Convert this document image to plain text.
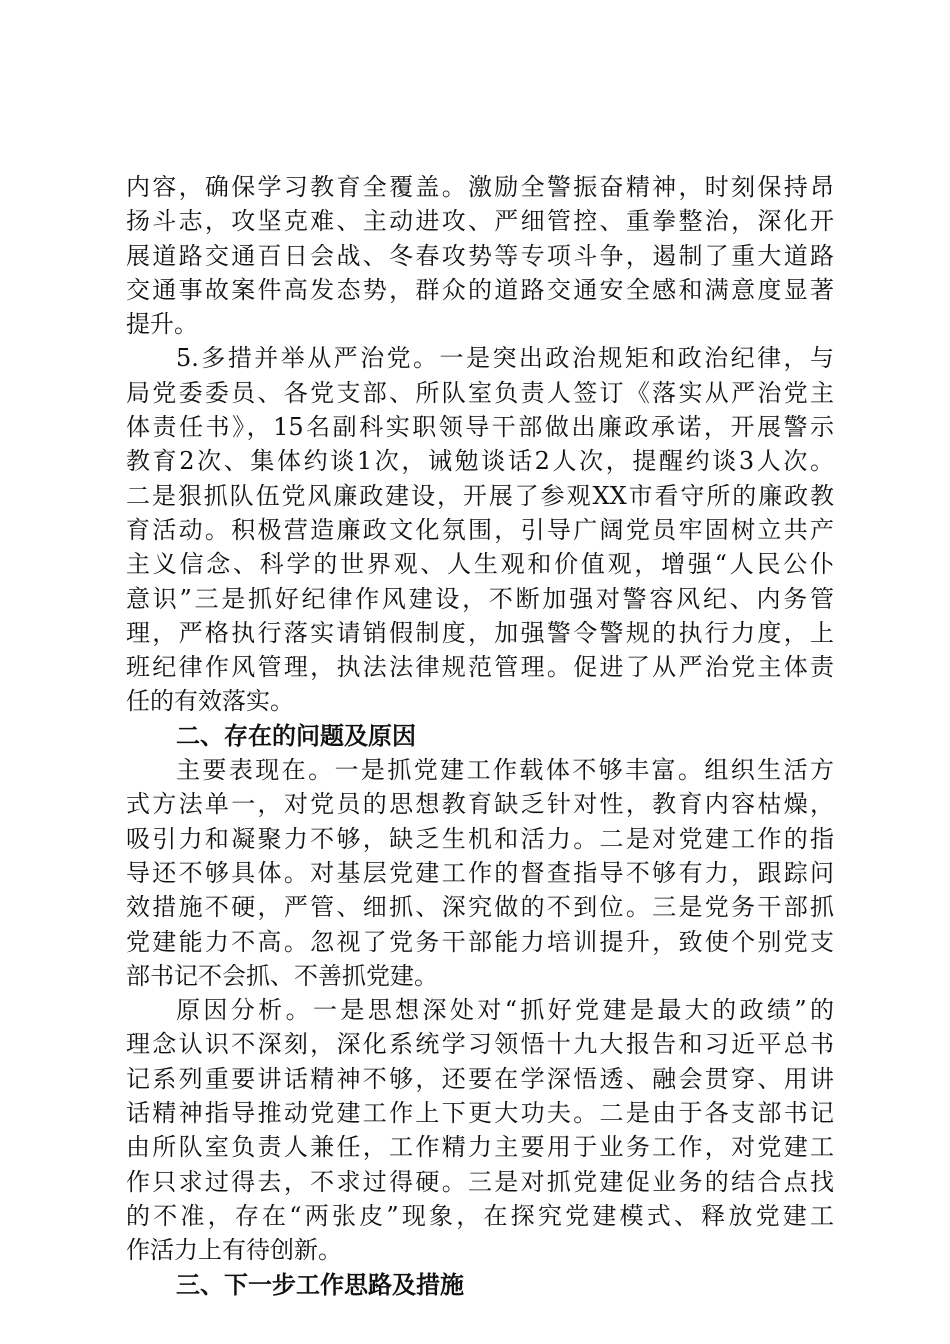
内容，确保学习教育全覆盖。激励全警振奋精神，时刻保持昂
扬斗志，攻坚克难、主动进攻、严细管控、重拳整治，深化开
展道路交通百日会战、冬春攻势等专项斗争，遏制了重大道路
交通事故案件高发态势，群众的道路交通安全感和满意度显著
提升。
5.多措并举从严治党。一是突出政治规矩和政治纪律，与
局党委委员、各党支部、所队室负责人签订《落实从严治党主
体责任书》，15名副科实职领导干部做出廉政承诺，开展警示
教育2次、集体约谈1次，诫勉谈话2人次，提醒约谈3人次。
二是狠抓队伍党风廉政建设，开展了参观XX市看守所的廉政教
育活动。积极营造廉政文化氛围，引导广阔党员牢固树立共产
主义信念、科学的世界观、人生观和价值观，增强“人民公仆
意识”三是抓好纪律作风建设，不断加强对警容风纪、内务管
理，严格执行落实请销假制度，加强警令警规的执行力度，上
班纪律作风管理，执法法律规范管理。促进了从严治党主体责
任的有效落实。
二、存在的问题及原因
主要表现在。一是抓党建工作载体不够丰富。组织生活方
式方法单一，对党员的思想教育缺乏针对性，教育内容枯燥，
吸引力和凝聚力不够，缺乏生机和活力。二是对党建工作的指
导还不够具体。对基层党建工作的督查指导不够有力，跟踪问
效措施不硬，严管、细抓、深究做的不到位。三是党务干部抓
党建能力不高。忽视了党务干部能力培训提升，致使个别党支
部书记不会抓、不善抓党建。
原因分析。一是思想深处对“抓好党建是最大的政绩”的
理念认识不深刻，深化系统学习领悟十九大报告和习近平总书
记系列重要讲话精神不够，还要在学深悟透、融会贯穿、用讲
话精神指导推动党建工作上下更大功夫。二是由于各支部书记
由所队室负责人兼任，工作精力主要用于业务工作，对党建工
作只求过得去，不求过得硬。三是对抓党建促业务的结合点找
的不准，存在“两张皮”现象，在探究党建模式、释放党建工
作活力上有待创新。
三、下一步工作思路及措施
